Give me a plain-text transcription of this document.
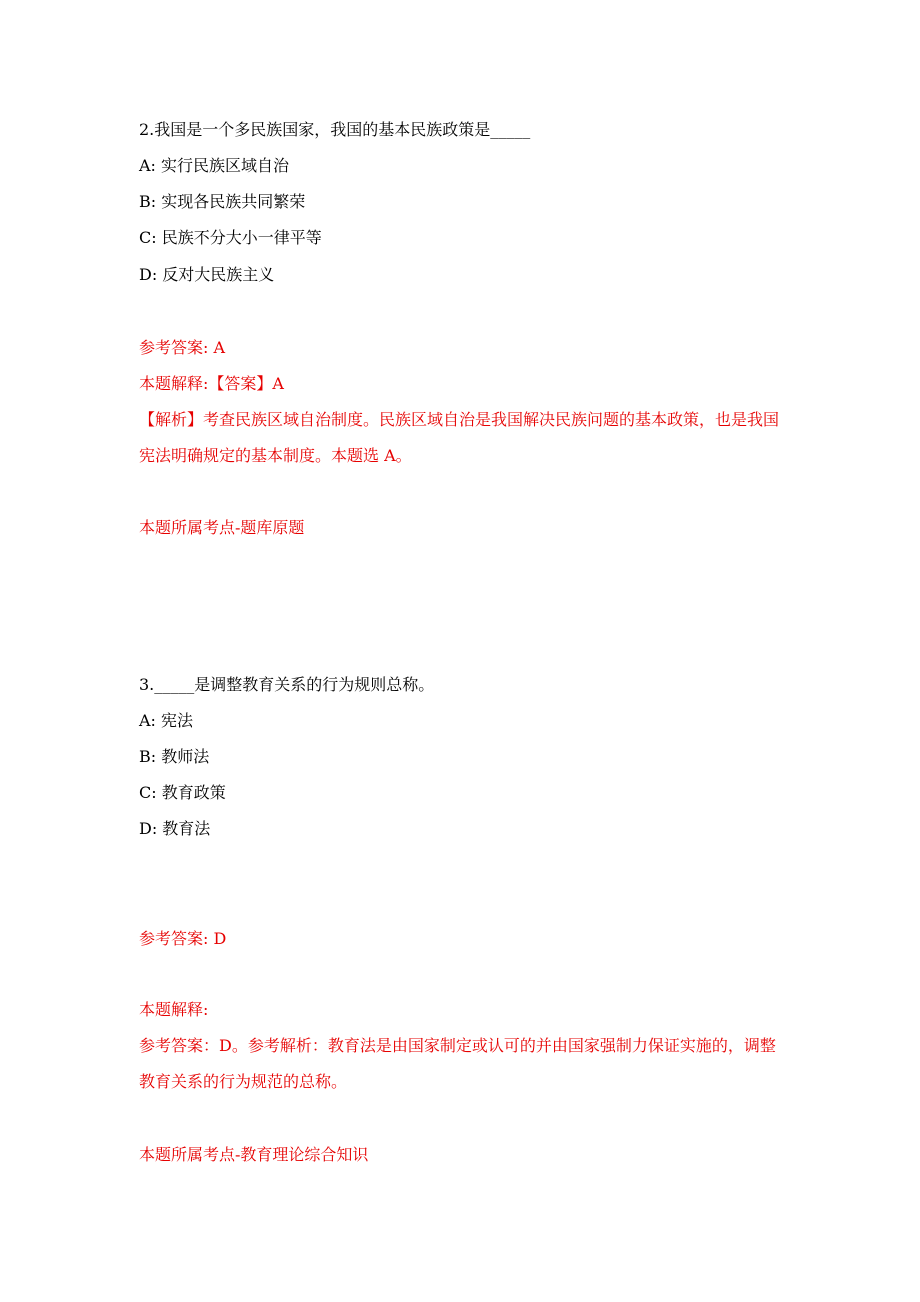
2.我国是一个多民族国家，我国的基本民族政策是_____
A: 实行民族区域自治
B: 实现各民族共同繁荣
C: 民族不分大小一律平等
D: 反对大民族主义
参考答案: A
本题解释:【答案】A
【解析】考查民族区域自治制度。民族区域自治是我国解决民族问题的基本政策，也是我国宪法明确规定的基本制度。本题选 A。
本题所属考点-题库原题
3._____是调整教育关系的行为规则总称。
A: 宪法
B: 教师法
C: 教育政策
D: 教育法
参考答案: D
本题解释:
参考答案：D。参考解析：教育法是由国家制定或认可的并由国家强制力保证实施的，调整教育关系的行为规范的总称。
本题所属考点-教育理论综合知识
